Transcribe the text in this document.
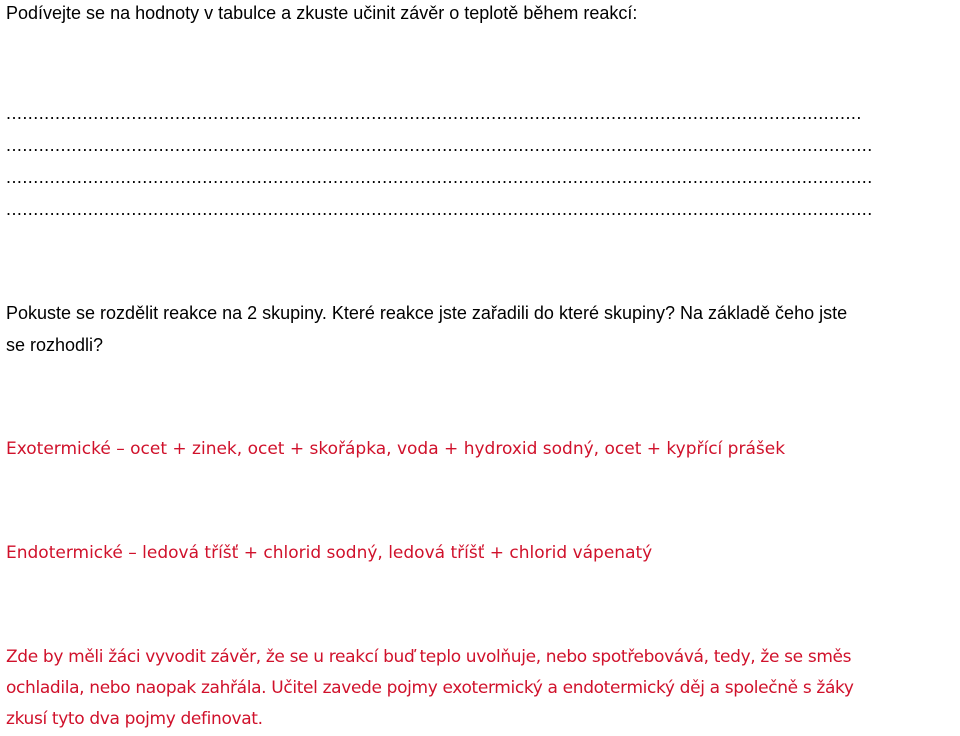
Podívejte se na hodnoty v tabulce a zkuste učinit závěr o teplotě během reakcí:

.............................................................................................................................................................

...............................................................................................................................................................

...............................................................................................................................................................

...............................................................................................................................................................

Pokuste se rozdělit reakce na 2 skupiny. Které reakce jste zařadili do které skupiny? Na základě čeho jste

se rozhodli?

Exotermické – ocet + zinek, ocet + skořápka, voda + hydroxid sodný, ocet + kypřící prášek

Endotermické – ledová tříšť + chlorid sodný, ledová tříšť + chlorid vápenatý

Zde by měli žáci vyvodit závěr, že se u reakcí buď teplo uvolňuje, nebo spotřebovává, tedy, že se směs

ochladila, nebo naopak zahřála. Učitel zavede pojmy exotermický a endotermický děj a společně s žáky

zkusí tyto dva pojmy definovat.
